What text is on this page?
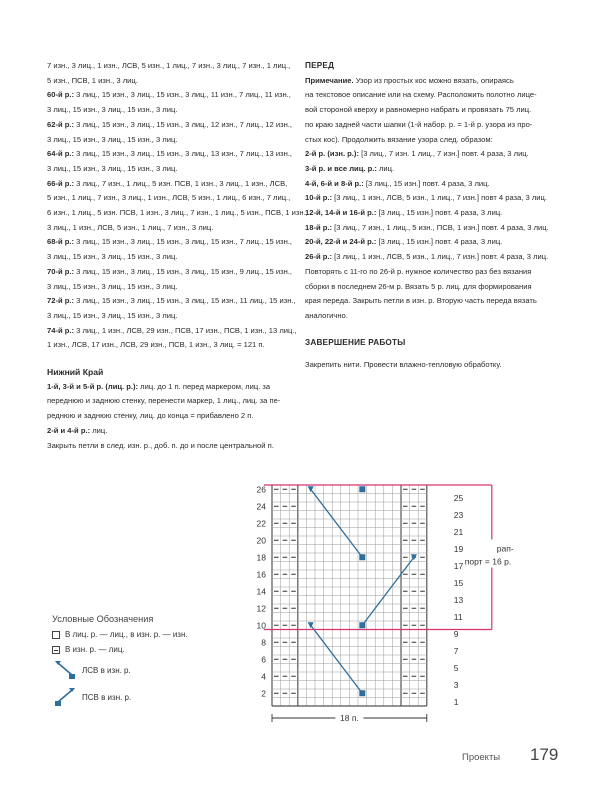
7 изн., 3 лиц., 1 изн., ЛСВ, 5 изн., 1 лиц., 7 изн., 3 лиц., 7 изн., 1 лиц.,

5 изн., ПСВ, 1 изн., 3 лиц.

60-й р.: 3 лиц., 15 изн., 3 лиц., 15 изн., 3 лиц., 11 изн., 7 лиц., 11 изн.,

3 лиц., 15 изн., 3 лиц., 15 изн., 3 лиц.

62-й р.: 3 лиц., 15 изн., 3 лиц., 15 изн., 3 лиц., 12 изн., 7 лиц., 12 изн.,

3 лиц., 15 изн., 3 лиц., 15 изн., 3 лиц.

64-й р.: 3 лиц., 15 изн., 3 лиц., 15 изн., 3 лиц., 13 изн., 7 лиц., 13 изн.,

3 лиц., 15 изн., 3 лиц., 15 изн., 3 лиц.

66-й р.: 3 лиц., 7 изн., 1 лиц., 5 изн. ПСВ, 1 изн., 3 лиц., 1 изн., ЛСВ,

5 изн., 1 лиц., 7 изн., 3 лиц., 1 изн., ЛСВ, 5 изн., 1 лиц., 6 изн., 7 лиц.,

6 изн., 1 лиц., 5 изн. ПСВ, 1 изн., 3 лиц., 7 изн., 1 лиц., 5 изн., ПСВ, 1 изн.,

3 лиц., 1 изн., ЛСВ, 5 изн., 1 лиц., 7 изн., 3 лиц.

68-й р.: 3 лиц., 15 изн., 3 лиц., 15 изн., 3 лиц., 15 изн., 7 лиц., 15 изн.,

3 лиц., 15 изн., 3 лиц., 15 изн., 3 лиц.

70-й р.: 3 лиц., 15 изн., 3 лиц., 15 изн., 3 лиц., 15 изн., 9 лиц., 15 изн.,

3 лиц., 15 изн., 3 лиц., 15 изн., 3 лиц.

72-й р.: 3 лиц., 15 изн., 3 лиц., 15 изн., 3 лиц., 15 изн., 11 лиц., 15 изн.,

3 лиц., 15 изн., 3 лиц., 15 изн., 3 лиц.

74-й р.: 3 лиц., 1 изн., ЛСВ, 29 изн., ПСВ, 17 изн., ПСВ, 1 изн., 13 лиц.,

1 изн., ЛСВ, 17 изн., ЛСВ, 29 изн., ПСВ, 1 изн., 3 лиц. = 121 п.

Нижний Край

1-й, 3-й и 5-й р. (лиц. р.): лиц. до 1 п. перед маркером, лиц. за

переднюю и заднюю стенку, перенести маркер, 1 лиц., лиц. за пе-

реднюю и заднюю стенку, лиц. до конца = прибавлено 2 п.

2-й и 4-й р.: лиц.

Закрыть петли в след. изн. р., доб. п. до и после центральной п.

ПЕРЕД

Примечание. Узор из простых кос можно вязать, опираясь

на текстовое описание или на схему. Расположить полотно лице-

вой стороной кверху и равномерно набрать и провязать 75 лиц.

по краю задней части шапки (1-й набор. р. = 1-й р. узора из про-

стых кос). Продолжить вязание узора след. образом:

2-й р. (изн. р.): [3 лиц., 7 изн. 1 лиц., 7 изн.] повт. 4 раза, 3 лиц.

3-й р. и все лиц. р.: лиц.

4-й, 6-й и 8-й р.: [3 лиц., 15 изн.] повт. 4 раза, 3 лиц.

10-й р.: [3 лиц., 1 изн., ЛСВ, 5 изн., 1 лиц., 7 изн.] повт 4 раза, 3 лиц.

12-й, 14-й и 16-й р.: [3 лиц., 15 изн.] повт. 4 раза, 3 лиц.

18-й р.: [3 лиц., 7 изн., 1 лиц., 5 изн., ПСВ, 1 изн.] повт. 4 раза, 3 лиц.

20-й, 22-й и 24-й р.: [3 лиц., 15 изн.] повт. 4 раза, 3 лиц.

26-й р.: [3 лиц., 1 изн., ЛСВ, 5 изн., 1 лиц., 7 изн.] повт. 4 раза, 3 лиц.

Повторять с 11-го по 26-й р. нужное количество раз без вязания

сборки в последнем 26-м р. Вязать 5 р. лиц. для формирования

края переда. Закрыть петли в изн. р. Вторую часть переда вязать

аналогично.

ЗАВЕРШЕНИЕ РАБОТЫ

Закрепить нити. Провести влажно-тепловую обработку.

2
4
6
8
10
12
14
16
18
20
22
24
26
1
3
5
7
9
11
13
15
17
19
21
23
25
рап-
порт = 16 р.
18 п.
Условные Обозначения
В лиц. р. — лиц., в изн. р. — изн.
В изн. р. — лиц.
ЛСВ в изн. р.
ПСВ в изн. р.
Проекты 179
